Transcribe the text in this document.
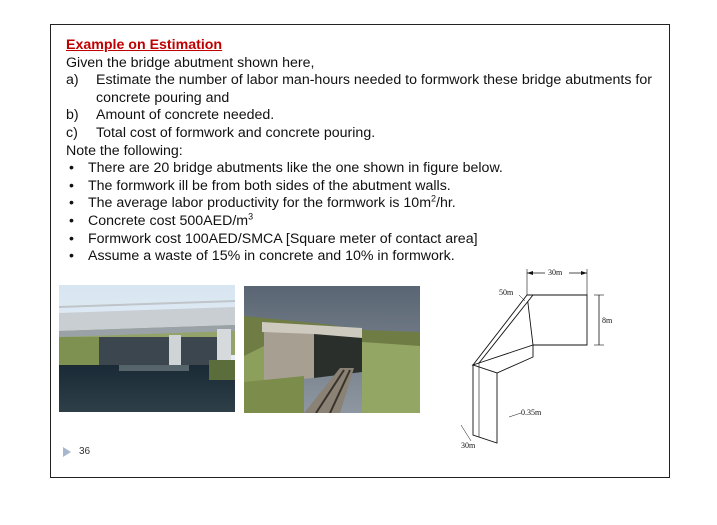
Example on Estimation
Given the bridge abutment shown here,
a) Estimate the number of labor man-hours needed to formwork these bridge abutments for concrete pouring and
b) Amount of concrete needed.
c) Total cost of formwork and concrete pouring.
Note the following:
• There are 20 bridge abutments like the one shown in figure below.
• The formwork ill be from both sides of the abutment walls.
• The average labor productivity for the formwork is $10m^2/hr$.
• Concrete cost $500AED/m^3$
• Formwork cost 100AED/SMCA [Square meter of contact area]
• Assume a waste of 15% in concrete and 10% in formwork.
30m
50m
8m
0.35m
30m
36
